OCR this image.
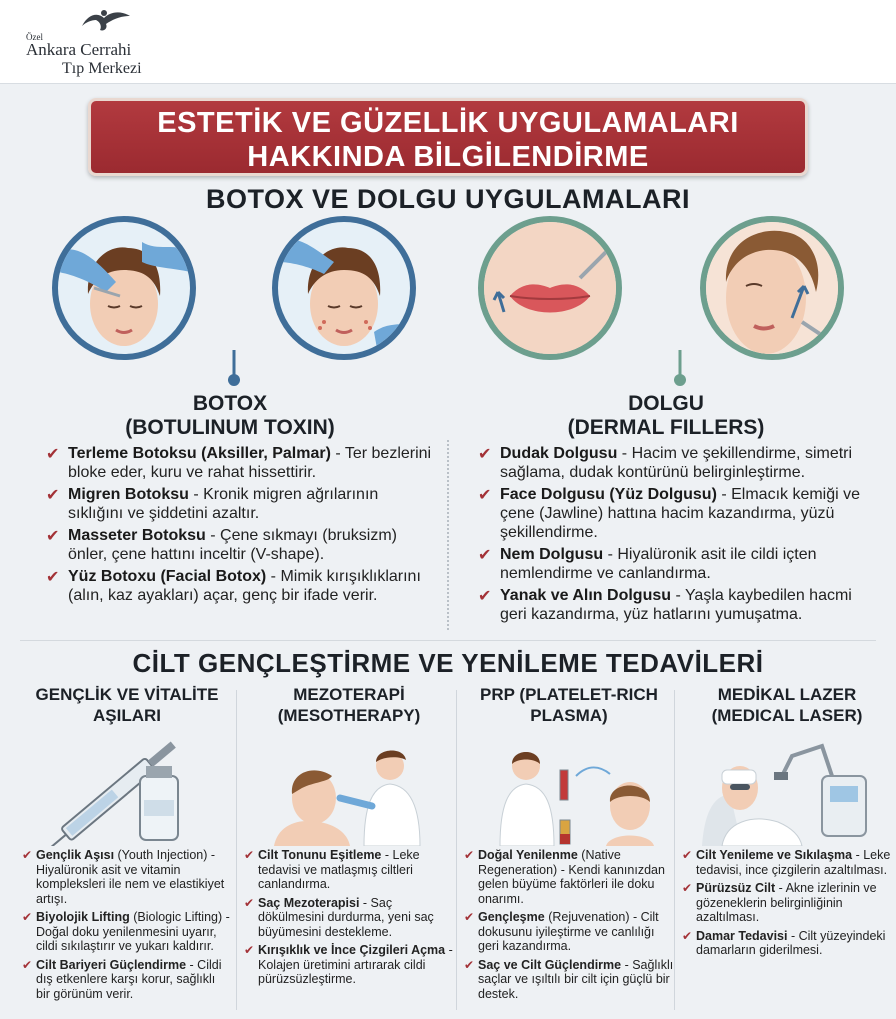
Özel
Ankara Cerrahi
Tıp Merkezi
ESTETİK VE GÜZELLİK UYGULAMALARI
HAKKINDA BİLGİLENDİRME
BOTOX VE DOLGU UYGULAMALARI
BOTOX
(BOTULINUM TOXIN)
✔ Terleme Botoksu (Aksiller, Palmar) - Ter bezlerini bloke eder, kuru ve rahat hissettirir.
✔ Migren Botoksu - Kronik migren ağrılarının sıklığını ve şiddetini azaltır.
✔ Masseter Botoksu - Çene sıkmayı (bruksizm) önler, çene hattını inceltir (V-shape).
✔ Yüz Botoxu (Facial Botox) - Mimik kırışıklıklarını (alın, kaz ayakları) açar, genç bir ifade verir.
DOLGU
(DERMAL FILLERS)
✔ Dudak Dolgusu - Hacim ve şekillendirme, simetri sağlama, dudak kontürünü belirginleştirme.
✔ Face Dolgusu (Yüz Dolgusu) - Elmacık kemiği ve çene (Jawline) hattına hacim kazandırma, yüzü şekillendirme.
✔ Nem Dolgusu - Hiyalüronik asit ile cildi içten nemlendirme ve canlandırma.
✔ Yanak ve Alın Dolgusu - Yaşla kaybedilen hacmi geri kazandırma, yüz hatlarını yumuşatma.
CİLT GENÇLEŞTİRME VE YENİLEME TEDAVİLERİ
GENÇLİK VE VİTALİTE AŞILARI
✔ Gençlik Aşısı (Youth Injection) - Hiyalüronik asit ve vitamin kompleksleri ile nem ve elastikiyet artışı.
✔ Biyolojik Lifting (Biologic Lifting) - Doğal doku yenilenmesini uyarır, cildi sıkılaştırır ve yukarı kaldırır.
✔ Cilt Bariyeri Güçlendirme - Cildi dış etkenlere karşı korur, sağlıklı bir görünüm verir.
MEZOTERAPİ (MESOTHERAPY)
✔ Cilt Tonunu Eşitleme - Leke tedavisi ve matlaşmış ciltleri canlandırma.
✔ Saç Mezoterapisi - Saç dökülmesini durdurma, yeni saç büyümesini destekleme.
✔ Kırışıklık ve İnce Çizgileri Açma - Kolajen üretimini artırarak cildi pürüzsüzleştirme.
PRP (PLATELET-RICH PLASMA)
✔ Doğal Yenilenme (Native Regeneration) - Kendi kanınızdan gelen büyüme faktörleri ile doku onarımı.
✔ Gençleşme (Rejuvenation) - Cilt dokusunu iyileştirme ve canlılığı geri kazandırma.
✔ Saç ve Cilt Güçlendirme - Sağlıklı saçlar ve ışıltılı bir cilt için güçlü bir destek.
MEDİKAL LAZER (MEDICAL LASER)
✔ Cilt Yenileme ve Sıkılaşma - Leke tedavisi, ince çizgilerin azaltılması.
✔ Pürüzsüz Cilt - Akne izlerinin ve gözeneklerin belirginliğinin azaltılması.
✔ Damar Tedavisi - Cilt yüzeyindeki damarların giderilmesi.
